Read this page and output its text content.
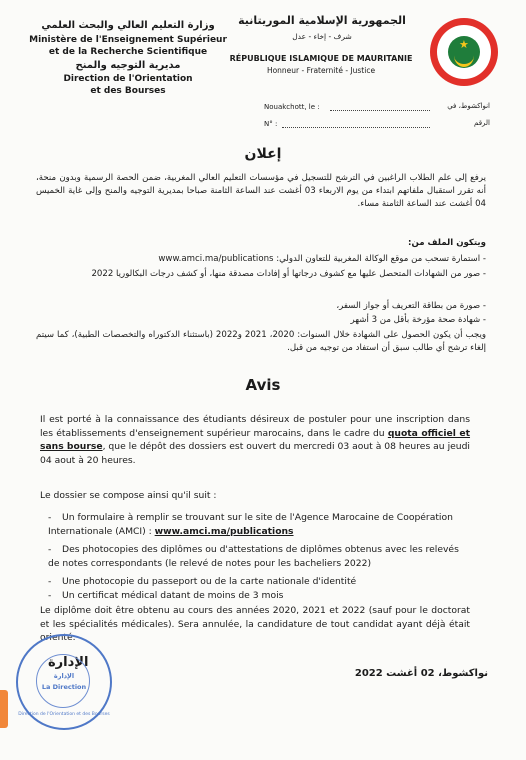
وزارة التعليم العالي والبحث العلمي
Ministère de l'Enseignement Supérieur
et de la Recherche Scientifique
مديرية التوجيه والمنح
Direction de l'Orientation
et des Bourses
الجمهورية الإسلامية الموريتانية
شرف - إخاء - عدل
RÉPUBLIQUE ISLAMIQUE DE MAURITANIE
Honneur - Fraternité - Justice
★
Nouakchott, le :	انواكشوط، في
N° :	الرقم
إعلان
يرفع إلى علم الطلاب الراغبين في الترشح للتسجيل في مؤسسات التعليم العالي المغربية، ضمن الحصة الرسمية وبدون منحة، أنه تقرر استقبال ملفاتهم ابتداء من يوم الاربعاء 03 أغشت عند الساعة الثامنة صباحا بمديرية التوجيه والمنح وإلى غاية الخميس 04 أغشت عند الساعة الثامنة مساء.
ويتكون الملف من:
- استمارة تسحب من موقع الوكالة المغربية للتعاون الدولي: www.amci.ma/publications
- صور من الشهادات المتحصل عليها مع كشوف درجاتها أو إفادات مصدقة منها، أو كشف درجات البكالوريا 2022
- صورة من بطاقة التعريف أو جواز السفر،
- شهادة صحة مؤرخة بأقل من 3 أشهر
ويجب أن يكون الحصول على الشهادة خلال السنوات: 2020، 2021 و2022 (باستثناء الدكتوراه والتخصصات الطبية)، كما سيتم إلغاء ترشح أي طالب سبق أن استفاد من توجيه من قبل.
Avis
Il est porté à la connaissance des étudiants désireux de postuler pour une inscription dans les établissements d'enseignement supérieur marocains, dans le cadre du quota officiel et sans bourse, que le dépôt des dossiers est ouvert du mercredi 03 aout à 08 heures au jeudi 04 aout à 20 heures.
Le dossier se compose ainsi qu'il suit :
- Un formulaire à remplir se trouvant sur le site de l'Agence Marocaine de Coopération Internationale (AMCI) : www.amci.ma/publications
- Des photocopies des diplômes ou d'attestations de diplômes obtenus avec les relevés de notes correspondants (le relevé de notes pour les bacheliers 2022)
- Une photocopie du passeport ou de la carte nationale d'identité
- Un certificat médical datant de moins de 3 mois
Le diplôme doit être obtenu au cours des années 2020, 2021 et 2022 (sauf pour le doctorat et les spécialités médicales). Sera annulée, la candidature de tout candidat ayant déjà était orienté.
نواكشوط، 02 أغشت 2022
الإدارة
الإدارة
La Direction
Direction de l'Orientation et des Bourses
